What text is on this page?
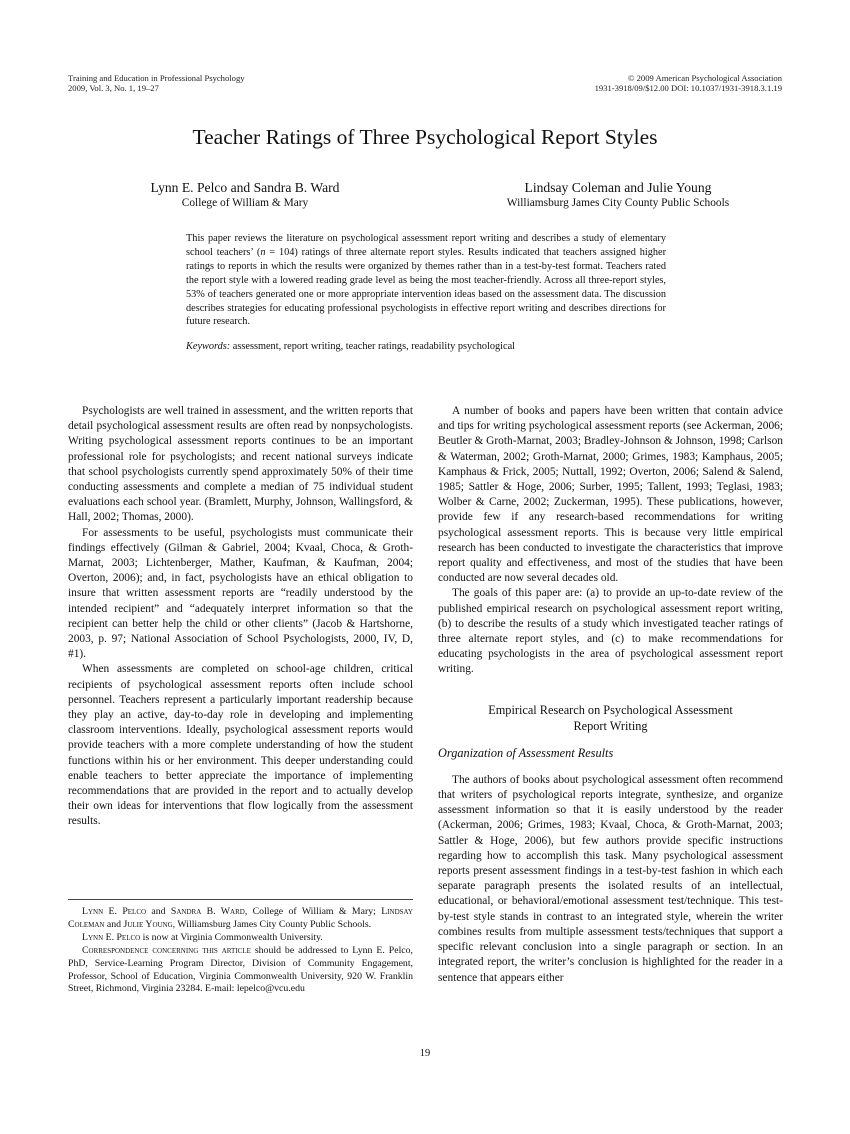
Training and Education in Professional Psychology
2009, Vol. 3, No. 1, 19–27
© 2009 American Psychological Association
1931-3918/09/$12.00 DOI: 10.1037/1931-3918.3.1.19
Teacher Ratings of Three Psychological Report Styles
Lynn E. Pelco and Sandra B. Ward
College of William & Mary
Lindsay Coleman and Julie Young
Williamsburg James City County Public Schools

This paper reviews the literature on psychological assessment report writing and describes a study of elementary school teachers’ (n = 104) ratings of three alternate report styles. Results indicated that teachers assigned higher ratings to reports in which the results were organized by themes rather than in a test-by-test format. Teachers rated the report style with a lowered reading grade level as being the most teacher-friendly. Across all three-report styles, 53% of teachers generated one or more appropriate intervention ideas based on the assessment data. The discussion describes strategies for educating professional psychologists in effective report writing and describes directions for future research.

Keywords: assessment, report writing, teacher ratings, readability psychological

Psychologists are well trained in assessment, and the written reports that detail psychological assessment results are often read by nonpsychologists. Writing psychological assessment reports continues to be an important professional role for psychologists; and recent national surveys indicate that school psychologists currently spend approximately 50% of their time conducting assessments and complete a median of 75 individual student evaluations each school year. (Bramlett, Murphy, Johnson, Wallingsford, & Hall, 2002; Thomas, 2000).

For assessments to be useful, psychologists must communicate their findings effectively (Gilman & Gabriel, 2004; Kvaal, Choca, & Groth-Marnat, 2003; Lichtenberger, Mather, Kaufman, & Kaufman, 2004; Overton, 2006); and, in fact, psychologists have an ethical obligation to insure that written assessment reports are “readily understood by the intended recipient” and “adequately interpret information so that the recipient can better help the child or other clients” (Jacob & Hartshorne, 2003, p. 97; National Association of School Psychologists, 2000, IV, D, #1).

When assessments are completed on school-age children, critical recipients of psychological assessment reports often include school personnel. Teachers represent a particularly important readership because they play an active, day-to-day role in developing and implementing classroom interventions. Ideally, psychological assessment reports would provide teachers with a more complete understanding of how the student functions within his or her environment. This deeper understanding could enable teachers to better appreciate the importance of implementing recommendations that are provided in the report and to actually develop their own ideas for interventions that flow logically from the assessment results.

A number of books and papers have been written that contain advice and tips for writing psychological assessment reports (see Ackerman, 2006; Beutler & Groth-Marnat, 2003; Bradley-Johnson & Johnson, 1998; Carlson & Waterman, 2002; Groth-Marnat, 2000; Grimes, 1983; Kamphaus, 2005; Kamphaus & Frick, 2005; Nuttall, 1992; Overton, 2006; Salend & Salend, 1985; Sattler & Hoge, 2006; Surber, 1995; Tallent, 1993; Teglasi, 1983; Wolber & Carne, 2002; Zuckerman, 1995). These publications, however, provide few if any research-based recommendations for writing psychological assessment reports. This is because very little empirical research has been conducted to investigate the characteristics that improve report quality and effectiveness, and most of the studies that have been conducted are now several decades old.

The goals of this paper are: (a) to provide an up-to-date review of the published empirical research on psychological assessment report writing, (b) to describe the results of a study which investigated teacher ratings of three alternate report styles, and (c) to make recommendations for educating psychologists in the area of psychological assessment report writing.

Empirical Research on Psychological Assessment
Report Writing

Organization of Assessment Results

The authors of books about psychological assessment often recommend that writers of psychological reports integrate, synthesize, and organize assessment information so that it is easily understood by the reader (Ackerman, 2006; Grimes, 1983; Kvaal, Choca, & Groth-Marnat, 2003; Sattler & Hoge, 2006), but few authors provide specific instructions regarding how to accomplish this task. Many psychological assessment reports present assessment findings in a test-by-test fashion in which each separate paragraph presents the isolated results of an intellectual, educational, or behavioral/emotional assessment test/technique. This test-by-test style stands in contrast to an integrated style, wherein the writer combines results from multiple assessment tests/techniques that support a specific relevant conclusion into a single paragraph or section. In an integrated report, the writer’s conclusion is highlighted for the reader in a sentence that appears either

Lynn E. Pelco and Sandra B. Ward, College of William & Mary; Lindsay Coleman and Julie Young, Williamsburg James City County Public Schools.

Lynn E. Pelco is now at Virginia Commonwealth University.

Correspondence concerning this article should be addressed to Lynn E. Pelco, PhD, Service-Learning Program Director, Division of Community Engagement, Professor, School of Education, Virginia Commonwealth University, 920 W. Franklin Street, Richmond, Virginia 23284. E-mail: lepelco@vcu.edu

19
